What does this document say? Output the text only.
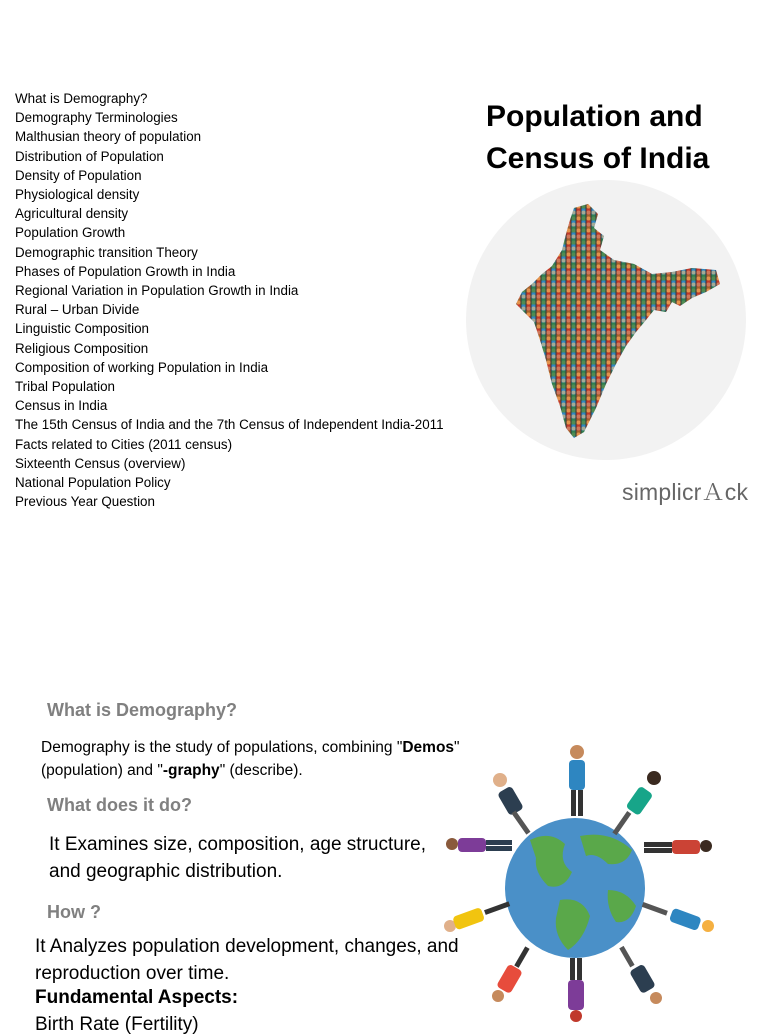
What is Demography?
Demography Terminologies
Malthusian theory of population
Distribution of Population
Density of Population
Physiological density
Agricultural density
Population Growth
Demographic transition Theory
Phases of Population Growth in India
Regional Variation in Population Growth in India
Rural – Urban Divide
Linguistic Composition
Religious Composition
Composition of working Population in India
Tribal Population
Census in India
The 15th Census of India and the 7th Census of Independent India-2011
Facts related to Cities (2011 census)
Sixteenth Census (overview)
National Population Policy
Previous Year Question
Population and
Census of India
simplicrＡck
What is Demography?

Demography is the study of populations, combining "Demos" (population) and "-graphy" (describe).

What does it do?

It Examines size, composition, age structure, and geographic distribution.

How ?

It Analyzes population development, changes, and reproduction over time.

Fundamental Aspects:

Birth Rate (Fertility)
